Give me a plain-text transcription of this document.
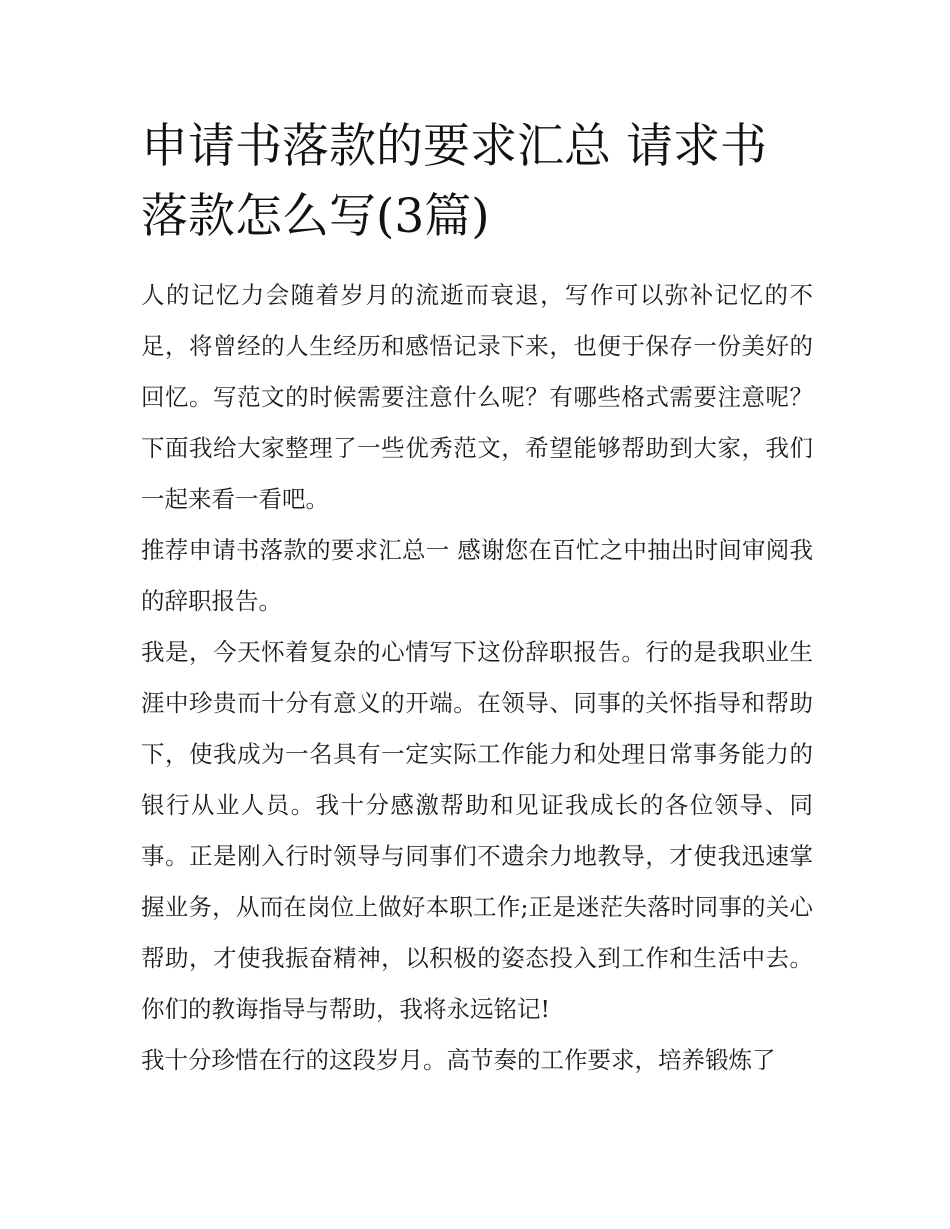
申请书落款的要求汇总 请求书落款怎么写(3篇)

人的记忆力会随着岁月的流逝而衰退，写作可以弥补记忆的不足，将曾经的人生经历和感悟记录下来，也便于保存一份美好的回忆。写范文的时候需要注意什么呢？有哪些格式需要注意呢？下面我给大家整理了一些优秀范文，希望能够帮助到大家，我们一起来看一看吧。

推荐申请书落款的要求汇总一 感谢您在百忙之中抽出时间审阅我的辞职报告。

我是，今天怀着复杂的心情写下这份辞职报告。行的是我职业生涯中珍贵而十分有意义的开端。在领导、同事的关怀指导和帮助下，使我成为一名具有一定实际工作能力和处理日常事务能力的银行从业人员。我十分感激帮助和见证我成长的各位领导、同事。正是刚入行时领导与同事们不遗余力地教导，才使我迅速掌握业务，从而在岗位上做好本职工作;正是迷茫失落时同事的关心帮助，才使我振奋精神，以积极的姿态投入到工作和生活中去。你们的教诲指导与帮助，我将永远铭记!

我十分珍惜在行的这段岁月。高节奏的工作要求，培养锻炼了
